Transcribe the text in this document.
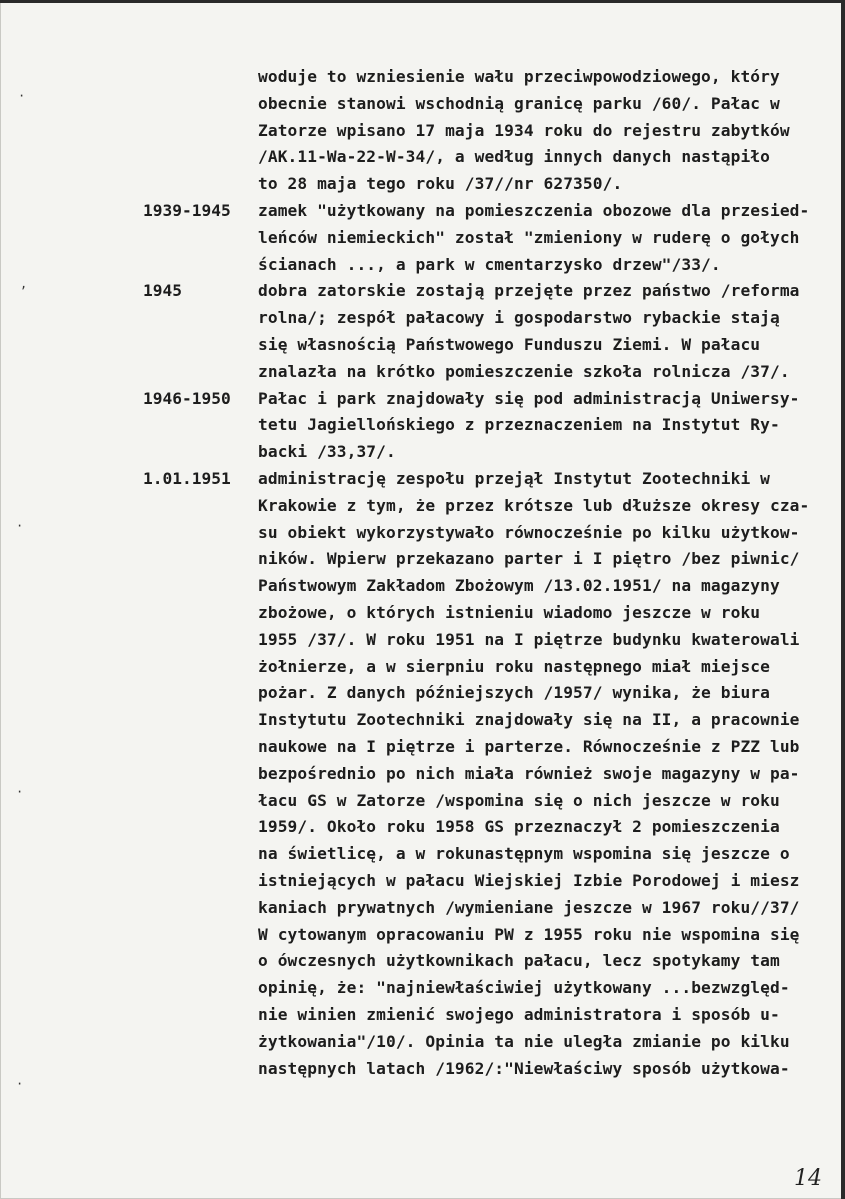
·
,
·
·
·
woduje to wzniesienie wału przeciwpowodziowego, który
obecnie stanowi wschodnią granicę parku /60/. Pałac w
Zatorze wpisano 17 maja 1934 roku do rejestru zabytków
/AK.11-Wa-22-W-34/, a według innych danych nastąpiło
to 28 maja tego roku /37//nr 627350/.
1939-1945 zamek "użytkowany na pomieszczenia obozowe dla przesied-
leńców niemieckich" został "zmieniony w ruderę o gołych
ścianach ..., a park w cmentarzysko drzew"/33/.
1945	dobra zatorskie zostają przejęte przez państwo /reforma
rolna/; zespół pałacowy i gospodarstwo rybackie stają
się własnością Państwowego Funduszu Ziemi. W pałacu
znalazła na krótko pomieszczenie szkoła rolnicza /37/.
1946-1950 Pałac i park znajdowały się pod administracją Uniwersy-
tetu Jagiellońskiego z przeznaczeniem na Instytut Ry-
backi /33,37/.
1.01.1951 administrację zespołu przejął Instytut Zootechniki w
Krakowie z tym, że przez krótsze lub dłuższe okresy cza-
su obiekt wykorzystywało równocześnie po kilku użytkow-
ników. Wpierw przekazano parter i I piętro /bez piwnic/
Państwowym Zakładom Zbożowym /13.02.1951/ na magazyny
zbożowe, o których istnieniu wiadomo jeszcze w roku
1955 /37/. W roku 1951 na I piętrze budynku kwaterowali
żołnierze, a w sierpniu roku następnego miał miejsce
pożar. Z danych późniejszych /1957/ wynika, że biura
Instytutu Zootechniki znajdowały się na II, a pracownie
naukowe na I piętrze i parterze. Równocześnie z PZZ lub
bezpośrednio po nich miała również swoje magazyny w pa-
łacu GS w Zatorze /wspomina się o nich jeszcze w roku
1959/. Około roku 1958 GS przeznaczył 2 pomieszczenia
na świetlicę, a w rokunastępnym wspomina się jeszcze o
istniejących w pałacu Wiejskiej Izbie Porodowej i miesz
kaniach prywatnych /wymieniane jeszcze w 1967 roku//37/
W cytowanym opracowaniu PW z 1955 roku nie wspomina się
o ówczesnych użytkownikach pałacu, lecz spotykamy tam
opinię, że: "najniewłaściwiej użytkowany ...bezwzględ-
nie winien zmienić swojego administratora i sposób u-
żytkowania"/10/. Opinia ta nie uległa zmianie po kilku
następnych latach /1962/:"Niewłaściwy sposób użytkowa-
14
